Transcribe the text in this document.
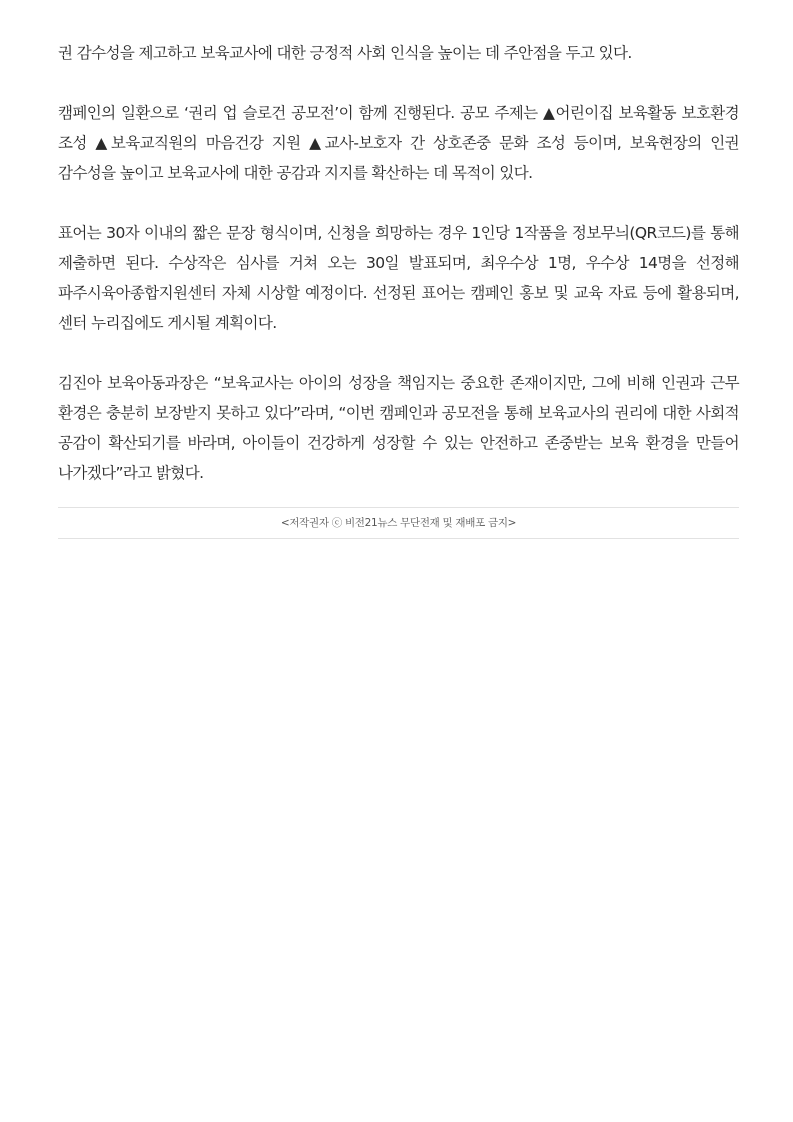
권 감수성을 제고하고 보육교사에 대한 긍정적 사회 인식을 높이는 데 주안점을 두고 있다.

캠페인의 일환으로 ‘권리 업 슬로건 공모전’이 함께 진행된다. 공모 주제는 ▲어린이집 보육활동 보호환경 조성 ▲보육교직원의 마음건강 지원 ▲교사-보호자 간 상호존중 문화 조성 등이며, 보육현장의 인권 감수성을 높이고 보육교사에 대한 공감과 지지를 확산하는 데 목적이 있다.

표어는 30자 이내의 짧은 문장 형식이며, 신청을 희망하는 경우 1인당 1작품을 정보무늬(QR코드)를 통해 제출하면 된다. 수상작은 심사를 거쳐 오는 30일 발표되며, 최우수상 1명, 우수상 14명을 선정해 파주시육아종합지원센터 자체 시상할 예정이다. 선정된 표어는 캠페인 홍보 및 교육 자료 등에 활용되며, 센터 누리집에도 게시될 계획이다.

김진아 보육아동과장은 “보육교사는 아이의 성장을 책임지는 중요한 존재이지만, 그에 비해 인권과 근무 환경은 충분히 보장받지 못하고 있다”라며, “이번 캠페인과 공모전을 통해 보육교사의 권리에 대한 사회적 공감이 확산되기를 바라며, 아이들이 건강하게 성장할 수 있는 안전하고 존중받는 보육 환경을 만들어 나가겠다”라고 밝혔다.

<저작권자 ⓒ 비전21뉴스 무단전재 및 재배포 금지>
